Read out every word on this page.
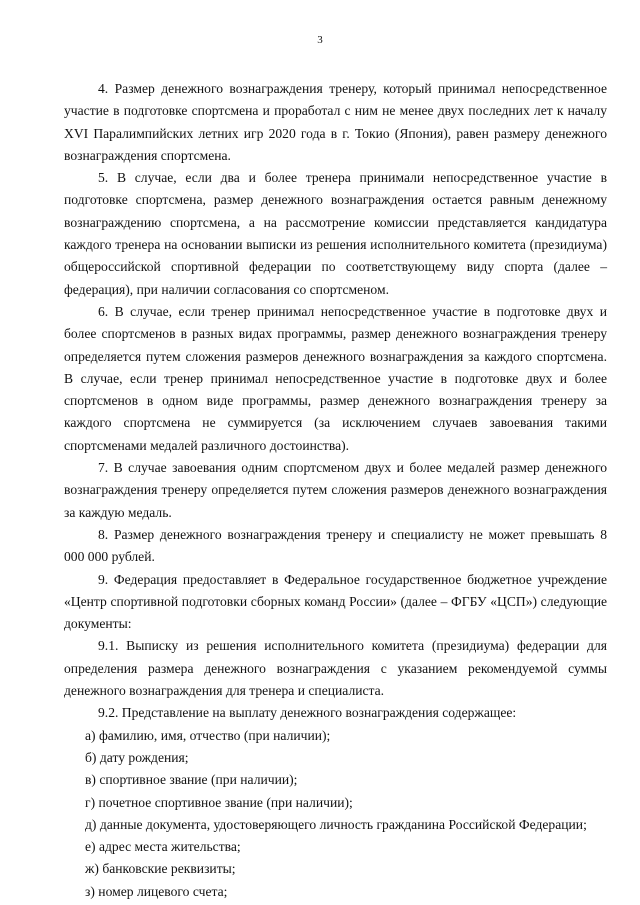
3

4. Размер денежного вознаграждения тренеру, который принимал непосредственное участие в подготовке спортсмена и проработал с ним не менее двух последних лет к началу XVI Паралимпийских летних игр 2020 года в г. Токио (Япония), равен размеру денежного вознаграждения спортсмена.

5. В случае, если два и более тренера принимали непосредственное участие в подготовке спортсмена, размер денежного вознаграждения остается равным денежному вознаграждению спортсмена, а на рассмотрение комиссии представляется кандидатура каждого тренера на основании выписки из решения исполнительного комитета (президиума) общероссийской спортивной федерации по соответствующему виду спорта (далее – федерация), при наличии согласования со спортсменом.

6. В случае, если тренер принимал непосредственное участие в подготовке двух и более спортсменов в разных видах программы, размер денежного вознаграждения тренеру определяется путем сложения размеров денежного вознаграждения за каждого спортсмена. В случае, если тренер принимал непосредственное участие в подготовке двух и более спортсменов в одном виде программы, размер денежного вознаграждения тренеру за каждого спортсмена не суммируется (за исключением случаев завоевания такими спортсменами медалей различного достоинства).

7. В случае завоевания одним спортсменом двух и более медалей размер денежного вознаграждения тренеру определяется путем сложения размеров денежного вознаграждения за каждую медаль.

8. Размер денежного вознаграждения тренеру и специалисту не может превышать 8 000 000 рублей.

9. Федерация предоставляет в Федеральное государственное бюджетное учреждение «Центр спортивной подготовки сборных команд России» (далее – ФГБУ «ЦСП») следующие документы:

9.1. Выписку из решения исполнительного комитета (президиума) федерации для определения размера денежного вознаграждения с указанием рекомендуемой суммы денежного вознаграждения для тренера и специалиста.

9.2. Представление на выплату денежного вознаграждения содержащее:

а) фамилию, имя, отчество (при наличии);

б) дату рождения;

в) спортивное звание (при наличии);

г) почетное спортивное звание (при наличии);

д) данные документа, удостоверяющего личность гражданина Российской Федерации;

е) адрес места жительства;

ж) банковские реквизиты;

з) номер лицевого счета;
